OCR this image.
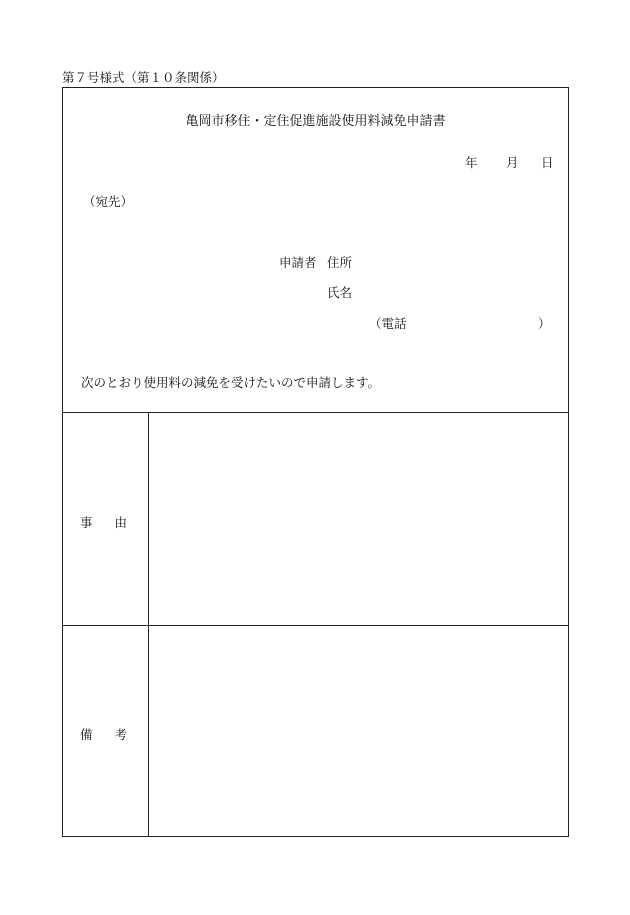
第７号様式（第１０条関係）
亀岡市移住・定住促進施設使用料減免申請書
年 月 日
（宛先）
申請者 住所
氏名
（電話	）
次のとおり使用料の減免を受けたいので申請します。
事由
備考
